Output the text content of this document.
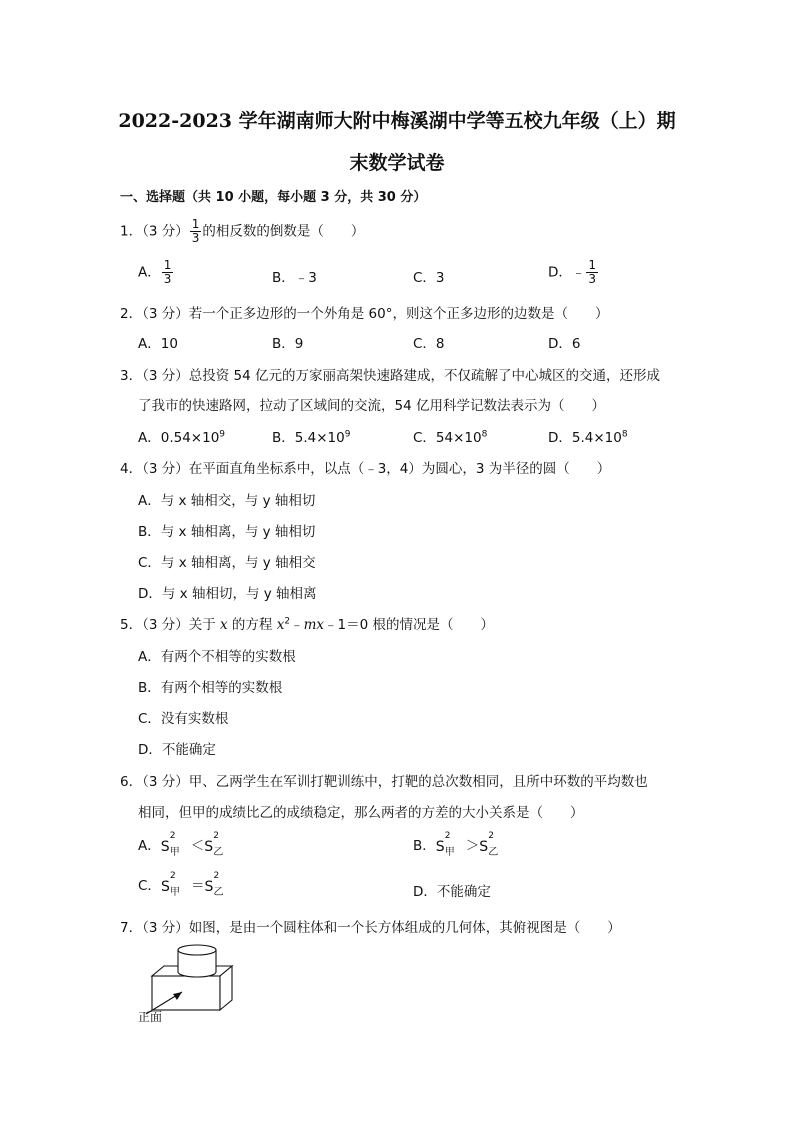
2022-2023 学年湖南师大附中梅溪湖中学等五校九年级（上）期
末数学试卷
一、选择题（共 10 小题，每小题 3 分，共 30 分）
1．（3 分） $\frac{1}{3}$ 的相反数的倒数是（　　）
A． $\frac{1}{3}$	B．﹣3	C．3	D．﹣ $\frac{1}{3}$
2．（3 分）若一个正多边形的一个外角是 60°，则这个正多边形的边数是（　　）
A．10	B．9	C．8	D．6
3．（3 分）总投资 54 亿元的万家丽高架快速路建成，不仅疏解了中心城区的交通，还形成
了我市的快速路网，拉动了区域间的交流，54 亿用科学记数法表示为（　　）
A．$0.54\times 10^9$	B．$5.4\times 10^9$	C．$54\times 10^8$	D．$5.4\times 10^8$
4．（3 分）在平面直角坐标系中，以点（﹣3，4）为圆心，3 为半径的圆（　　）
A．与 x 轴相交，与 y 轴相切
B．与 x 轴相离，与 y 轴相切
C．与 x 轴相离，与 y 轴相交
D．与 x 轴相切，与 y 轴相离
5．（3 分）关于 x 的方程 $x^2﹣mx﹣1=0$ 根的情况是（　　）
A．有两个不相等的实数根
B．有两个相等的实数根
C．没有实数根
D．不能确定
6．（3 分）甲、乙两学生在军训打靶训练中，打靶的总次数相同，且所中环数的平均数也
相同，但甲的成绩比乙的成绩稳定，那么两者的方差的大小关系是（　　）
A． S
2
甲 ＜ S
2
乙	B． S
2
甲 ＞ S
2
乙
C． S
2
甲 ＝ S
2
乙	D．不能确定
7．（3 分）如图，是由一个圆柱体和一个长方体组成的几何体，其俯视图是（　　）
正面
